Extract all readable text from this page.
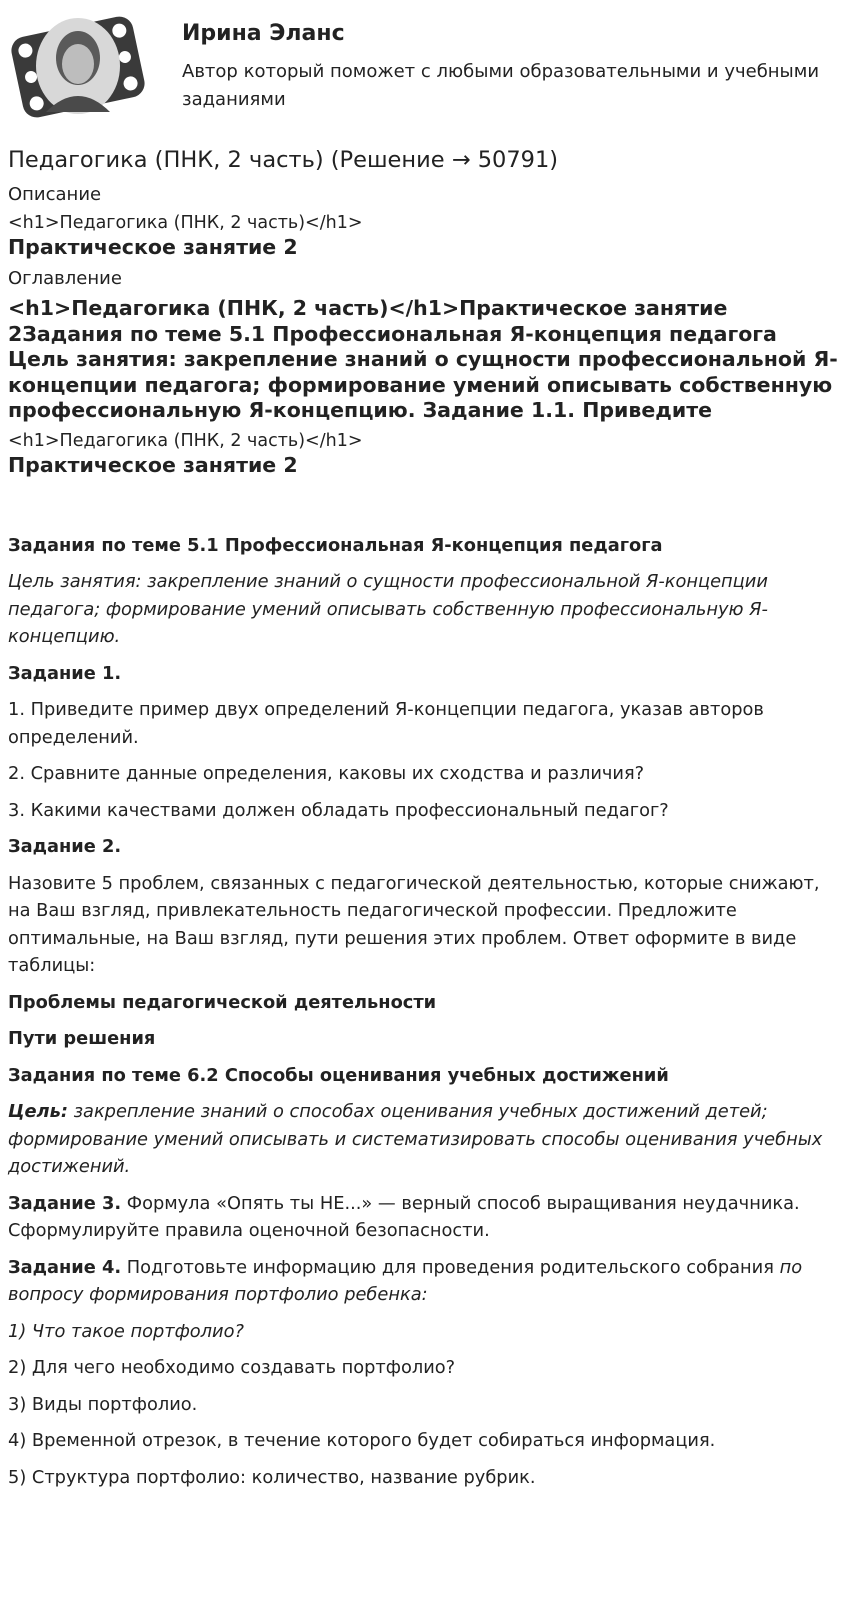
Ирина Эланс

Автор который поможет с любыми образовательными и учебными заданиями

Педагогика (ПНК, 2 часть) (Решение → 50791)
Описание
<h1>Педагогика (ПНК, 2 часть)</h1>
Практическое занятие 2
Оглавление
<h1>Педагогика (ПНК, 2 часть)</h1>Практическое занятие 2Задания по теме 5.1 Профессиональная Я-концепция педагога Цель занятия: закрепление знаний о сущности профессиональной Я-концепции педагога; формирование умений описывать собственную профессиональную Я-концепцию. Задание 1.1. Приведите
<h1>Педагогика (ПНК, 2 часть)</h1>
Практическое занятие 2

Задания по теме 5.1 Профессиональная Я-концепция педагога

Цель занятия: закрепление знаний о сущности профессиональной Я-концепции педагога; формирование умений описывать собственную профессиональную Я-концепцию.

Задание 1.

1. Приведите пример двух определений Я-концепции педагога, указав авторов определений.

2. Сравните данные определения, каковы их сходства и различия?

3. Какими качествами должен обладать профессиональный педагог?

Задание 2.

Назовите 5 проблем, связанных с педагогической деятельностью, которые снижают, на Ваш взгляд, привлекательность педагогической профессии. Предложите оптимальные, на Ваш взгляд, пути решения этих проблем. Ответ оформите в виде таблицы:

Проблемы педагогической деятельности

Пути решения

Задания по теме 6.2 Способы оценивания учебных достижений

Цель: закрепление знаний о способах оценивания учебных достижений детей; формирование умений описывать и систематизировать способы оценивания учебных достижений.

Задание 3. Формула «Опять ты НЕ...» — верный способ выращивания неудачника. Сформулируйте правила оценочной безопасности.

Задание 4. Подготовьте информацию для проведения родительского собрания по вопросу формирования портфолио ребенка:

1) Что такое портфолио?

2) Для чего необходимо создавать портфолио?

3) Виды портфолио.

4) Временной отрезок, в течение которого будет собираться информация.

5) Структура портфолио: количество, название рубрик.
